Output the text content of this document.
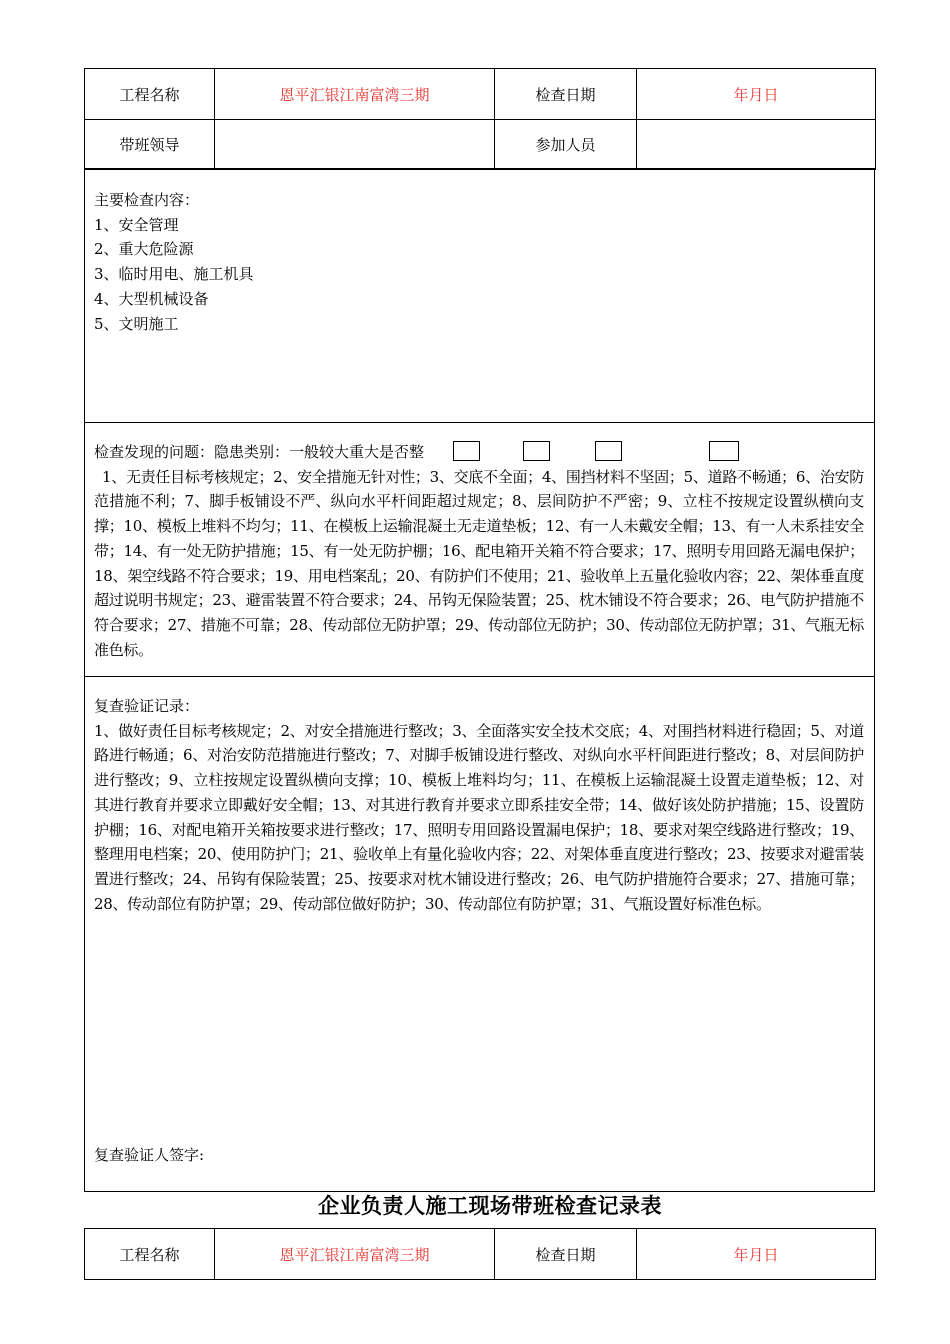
工程名称	恩平汇银江南富湾三期	检查日期	年月日
带班领导		参加人员	

主要检查内容：

1、安全管理

2、重大危险源

3、临时用电、施工机具

4、大型机械设备

5、文明施工

检查发现的问题：隐患类别：一般较大重大是否整

1、无责任目标考核规定；2、安全措施无针对性；3、交底不全面；4、围挡材料不坚固；5、道路不畅通；6、治安防范措施不利；7、脚手板铺设不严、纵向水平杆间距超过规定；8、层间防护不严密；9、立柱不按规定设置纵横向支撑；10、模板上堆料不均匀；11、在模板上运输混凝土无走道垫板；12、有一人未戴安全帽；13、有一人未系挂安全带；14、有一处无防护措施；15、有一处无防护棚；16、配电箱开关箱不符合要求；17、照明专用回路无漏电保护；18、架空线路不符合要求；19、用电档案乱；20、有防护们不使用；21、验收单上五量化验收内容；22、架体垂直度超过说明书规定；23、避雷装置不符合要求；24、吊钩无保险装置；25、枕木铺设不符合要求；26、电气防护措施不符合要求；27、措施不可靠；28、传动部位无防护罩；29、传动部位无防护；30、传动部位无防护罩；31、气瓶无标准色标。

复查验证记录：

1、做好责任目标考核规定；2、对安全措施进行整改；3、全面落实安全技术交底；4、对围挡材料进行稳固；5、对道路进行畅通；6、对治安防范措施进行整改；7、对脚手板铺设进行整改、对纵向水平杆间距进行整改；8、对层间防护进行整改；9、立柱按规定设置纵横向支撑；10、模板上堆料均匀；11、在模板上运输混凝土设置走道垫板；12、对其进行教育并要求立即戴好安全帽；13、对其进行教育并要求立即系挂安全带；14、做好该处防护措施；15、设置防护棚；16、对配电箱开关箱按要求进行整改；17、照明专用回路设置漏电保护；18、要求对架空线路进行整改；19、整理用电档案；20、使用防护门；21、验收单上有量化验收内容；22、对架体垂直度进行整改；23、按要求对避雷装置进行整改；24、吊钩有保险装置；25、按要求对枕木铺设进行整改；26、电气防护措施符合要求；27、措施可靠；28、传动部位有防护罩；29、传动部位做好防护；30、传动部位有防护罩；31、气瓶设置好标准色标。

复查验证人签字:

企业负责人施工现场带班检查记录表
工程名称	恩平汇银江南富湾三期	检查日期	年月日
